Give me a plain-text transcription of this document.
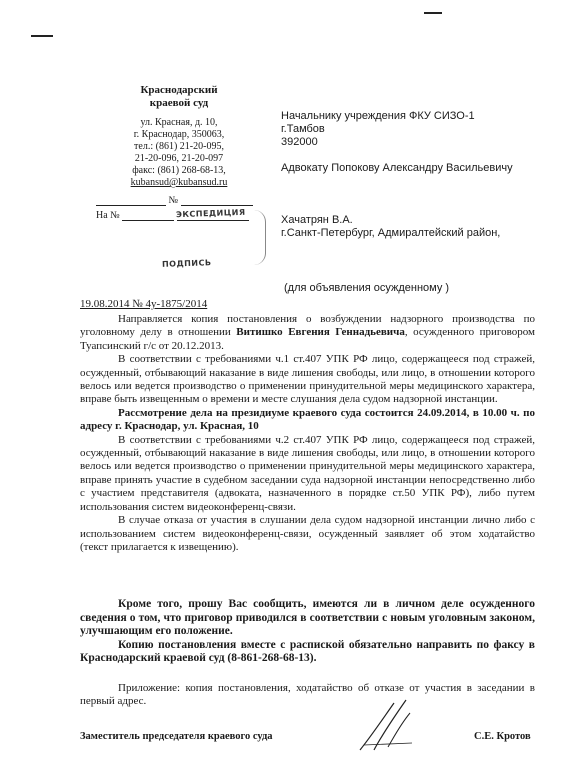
Краснодарский
краевой суд
ул. Красная, д. 10,
г. Краснодар, 350063,
тел.: (861) 21-20-095,
21-20-096, 21-20-097
факс: (861) 268-68-13,
kubansud@kubansud.ru
№
На №	ЭКСПЕДИЦИЯ
ПОДПИСЬ
Начальнику учреждения ФКУ СИЗО-1
г.Тамбов
392000

Адвокату Попокову Александру Васильевичу

Хачатрян В.А.
г.Санкт-Петербург, Адмиралтейский район,
(для объявления осужденному )
19.08.2014 № 4у-1875/2014

Направляется копия постановления о возбуждении надзорного производства по уголовному делу в отношении Витишко Евгения Геннадьевича, осужденного приговором Туапсинский г/с от 20.12.2013.

В соответствии с требованиями ч.1 ст.407 УПК РФ лицо, содержащееся под стражей, осужденный, отбывающий наказание в виде лишения свободы, или лицо, в отношении которого велось или ведется производство о применении принудительной меры медицинского характера, вправе быть извещенным о времени и месте слушания дела судом надзорной инстанции.

Рассмотрение дела на президиуме краевого суда состоится 24.09.2014, в 10.00 ч. по адресу г. Краснодар, ул. Красная, 10

В соответствии с требованиями ч.2 ст.407 УПК РФ лицо, содержащееся под стражей, осужденный, отбывающий наказание в виде лишения свободы, или лицо, в отношении которого велось или ведется производство о применении принудительной меры медицинского характера, вправе принять участие в судебном заседании суда надзорной инстанции непосредственно либо с участием представителя (адвоката, назначенного в порядке ст.50 УПК РФ), либо путем использования систем видеоконференц-связи.

В случае отказа от участия в слушании дела судом надзорной инстанции лично либо с использованием систем видеоконференц-связи, осужденный заявляет об этом ходатайство (текст прилагается к извещению).

Кроме того, прошу Вас сообщить, имеются ли в личном деле осужденного сведения о том, что приговор приводился в соответствии с новым уголовным законом, улучшающим его положение.

Копию постановления вместе с распиской обязательно направить по факсу в Краснодарский краевой суд (8-861-268-68-13).

Приложение: копия постановления, ходатайство об отказе от участия в заседании в первый адрес.

Заместитель председателя краевого суда	С.Е. Кротов
